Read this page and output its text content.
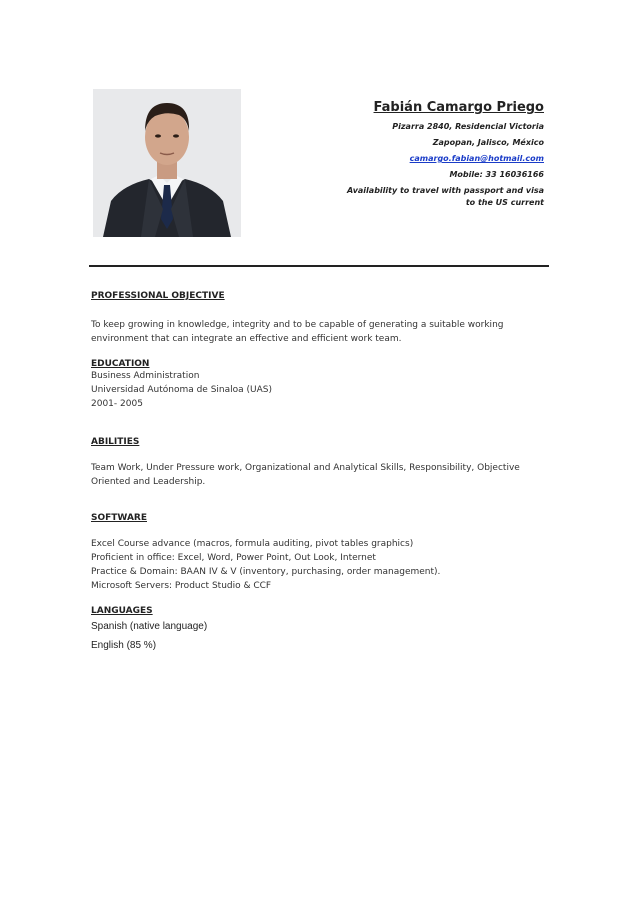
Fabián Camargo Priego
Pizarra 2840, Residencial Victoria
Zapopan, Jalisco, México
camargo.fabian@hotmail.com
Mobile: 33 16036166
Availability to travel with passport and visa
to the US current

PROFESSIONAL OBJECTIVE

To keep growing in knowledge, integrity and to be capable of generating a suitable working

environment that can integrate an effective and efficient work team.

EDUCATION

Business Administration

Universidad Autónoma de Sinaloa (UAS)

2001- 2005

ABILITIES

Team Work, Under Pressure work, Organizational and Analytical Skills, Responsibility, Objective

Oriented and Leadership.

SOFTWARE

Excel Course advance (macros, formula auditing, pivot tables graphics)

Proficient in office: Excel, Word, Power Point, Out Look, Internet

Practice & Domain: BAAN IV & V (inventory, purchasing, order management).

Microsoft Servers: Product Studio & CCF

LANGUAGES

Spanish (native language)

English (85 %)
